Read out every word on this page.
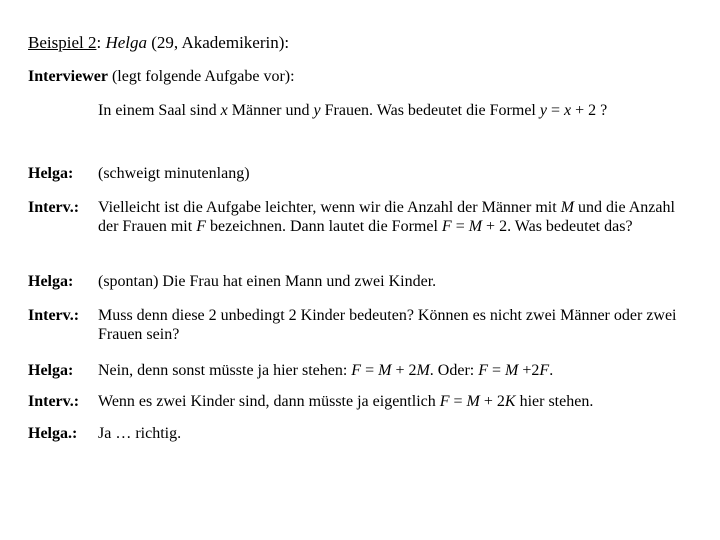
Beispiel 2: Helga (29, Akademikerin):
Interviewer (legt folgende Aufgabe vor):
In einem Saal sind x Männer und y Frauen. Was bedeutet die Formel y = x + 2 ?
Helga:	(schweigt minutenlang)
Interv.:	Vielleicht ist die Aufgabe leichter, wenn wir die Anzahl der Männer mit M und die Anzahl der Frauen mit F bezeichnen. Dann lautet die Formel F = M + 2. Was bedeutet das?
Helga:	(spontan) Die Frau hat einen Mann und zwei Kinder.
Interv.:	Muss denn diese 2 unbedingt 2 Kinder bedeuten? Können es nicht zwei Männer oder zwei Frauen sein?
Helga:	Nein, denn sonst müsste ja hier stehen: F = M + 2M. Oder: F = M +2F.
Interv.:	Wenn es zwei Kinder sind, dann müsste ja eigentlich F = M + 2K hier stehen.
Helga.:	Ja … richtig.
